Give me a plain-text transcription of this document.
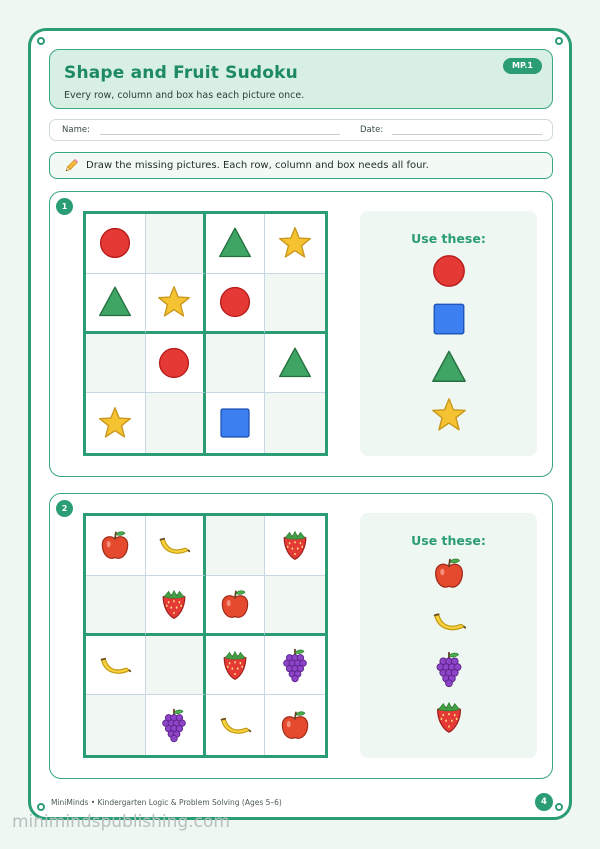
Shape and Fruit Sudoku
Every row, column and box has each picture once.
MP.1
Name:	Date:
Draw the missing pictures. Each row, column and box needs all four.
1
Use these:
2
Use these:
MiniMinds • Kindergarten Logic & Problem Solving (Ages 5–6)	4
minimindspublishing.com
